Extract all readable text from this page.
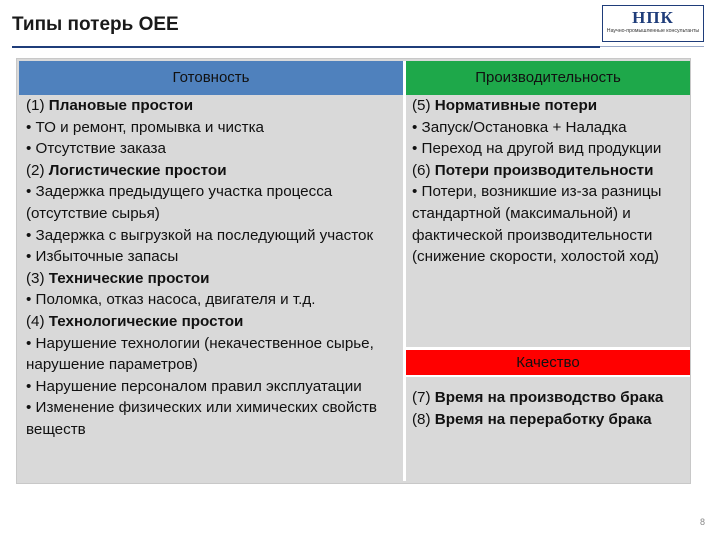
Типы потерь OEE	НПК
Научно-промышленные консультанты
Готовность	Производительность
(1) Плановые простои
• ТО и ремонт, промывка и чистка
• Отсутствие заказа
(2) Логистические простои
• Задержка предыдущего участка процесса (отсутствие сырья)
• Задержка с выгрузкой на последующий участок
• Избыточные запасы
(3) Технические простои
• Поломка, отказ насоса, двигателя и т.д.
(4) Технологические простои
• Нарушение технологии (некачественное сырье, нарушение параметров)
• Нарушение персоналом правил эксплуатации
• Изменение физических или химических свойств веществ
(5) Нормативные потери
• Запуск/Остановка + Наладка
• Переход на другой вид продукции
(6) Потери производительности
• Потери, возникшие из-за разницы стандартной (максимальной) и фактической производительности (снижение скорости, холостой ход)
Качество
(7) Время на производство брака
(8) Время на переработку брака
8
